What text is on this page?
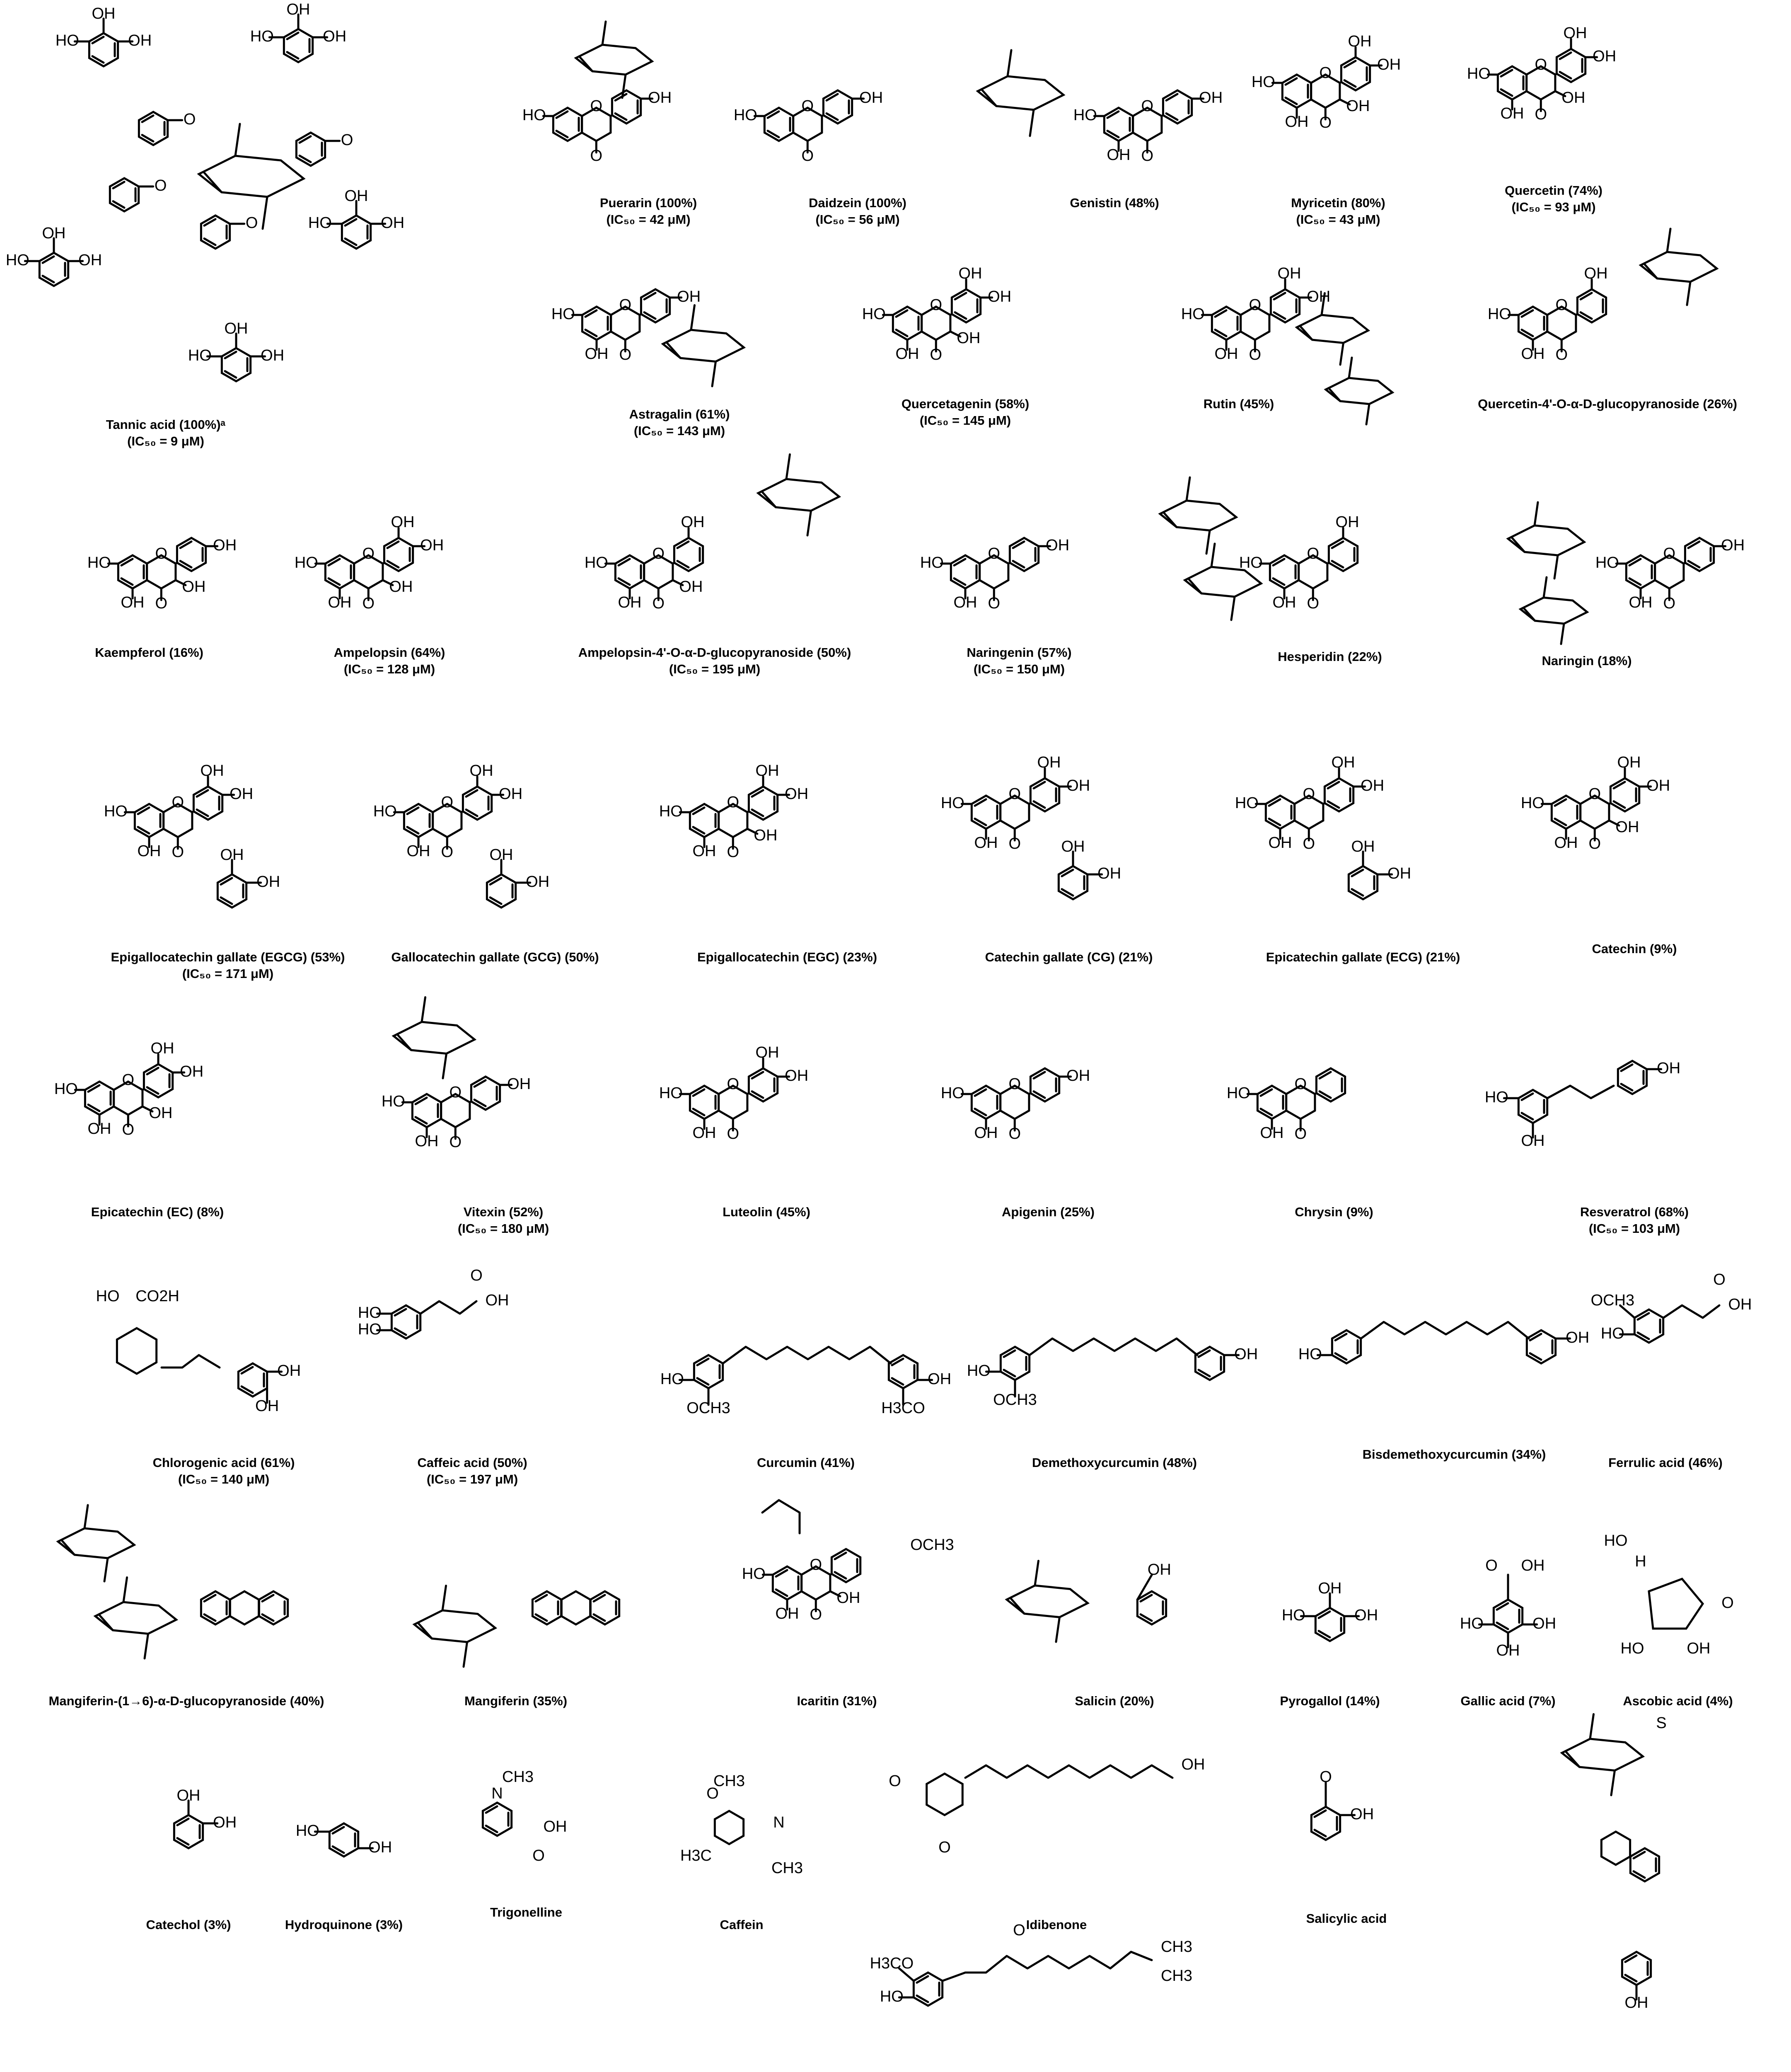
OH
HO	OH
OH
HO	OH
OH
HO	OH
OH
HO	OH
OH
HO	OH
O
O
O
O
O
O	OH
HO
O
O	OH
HO
O
O	OH
HO
OH
O
O	OH
OH
HO
OH
OH	O
O	OH
OH
HO
OH
OH
O
O	OH
HO
OH	O
O	OH
OH
HO
OH
OH
O
O	OH
OH
HO
OH	O
O
OH
HO
OH
O
O	OH
HO
OH
OH
O
O	OH
OH
HO
OH
OH
O
O
OH
HO
OH
OH
O
O	OH
HO
OH	O
O
OH
HO
OH	O
O	OH
HO
OH
O
O	OH
OH
HO
OH
OH
OH	O
O	OH
OH
HO
OH
OH
OH	O
O	OH
OH
HO
OH
OH	O
O	OH
OH
HO
OH
OH
OH	O
O	OH
OH
HO
OH
OH
OH	O
O	OH
OH
HO
OH
OH
O
O	OH
OH
HO
OH
OH
O
O	OH
HO
OH	O
O	OH
OH
HO
OH	O
O	OH
HO
OH	O
O
HO
OH
HO
OH
OH
CO2H
HO
OH
OH
HO
HO
OH
O
HO
OCH3
OH
H3CO
HO
OCH3
OH	HO
OH
OCH3
HO
OH
O
O
O
HO
OH
OH
OCH3
OH
OH
HO	OH
OH
HO	OH
OH
O
O
HO	OH
HO
H
OH
OH	HO
OH
N
CH3
OH
O
O
CH3
H3C
N
CH3
O
O
OH
O
OH
HO
H3CO
CH3
CH3
O
OH
S
Tannic acid (100%)ᵃ
(IC₅₀ = 9 μM)
Puerarin (100%)
(IC₅₀ = 42 μM)
Daidzein (100%)
(IC₅₀ = 56 μM)
Genistin (48%)	Myricetin (80%)
(IC₅₀ = 43 μM)
Quercetin (74%)
(IC₅₀ = 93 μM)
Astragalin (61%)
(IC₅₀ = 143 μM)
Quercetagenin (58%)
(IC₅₀ = 145 μM)
Rutin (45%)	Quercetin-4'-O-α-D-glucopyranoside (26%)
Kaempferol (16%)	Ampelopsin (64%)
(IC₅₀ = 128 μM)
Ampelopsin-4'-O-α-D-glucopyranoside (50%)
(IC₅₀ = 195 μM)
Naringenin (57%)
(IC₅₀ = 150 μM)
Hesperidin (22%)	Naringin (18%)
Epigallocatechin gallate (EGCG) (53%)
(IC₅₀ = 171 μM)
Gallocatechin gallate (GCG) (50%)	Epigallocatechin (EGC) (23%)	Catechin gallate (CG) (21%)	Epicatechin gallate (ECG) (21%)
Catechin (9%)
Epicatechin (EC) (8%)	Vitexin (52%)
(IC₅₀ = 180 μM)
Luteolin (45%)	Apigenin (25%)	Chrysin (9%)	Resveratrol (68%)
(IC₅₀ = 103 μM)
Chlorogenic acid (61%)
(IC₅₀ = 140 μM)
Caffeic acid (50%)
(IC₅₀ = 197 μM)
Curcumin (41%)	Demethoxycurcumin (48%)
Bisdemethoxycurcumin (34%)
Ferrulic acid (46%)
Mangiferin-(1→6)-α-D-glucopyranoside (40%)	Mangiferin (35%)	Icaritin (31%)	Salicin (20%)	Pyrogallol (14%)	Gallic acid (7%)	Ascobic acid (4%)
Catechol (3%)	Hydroquinone (3%)
Trigonelline
Caffein	Idibenone	Salicylic acid
